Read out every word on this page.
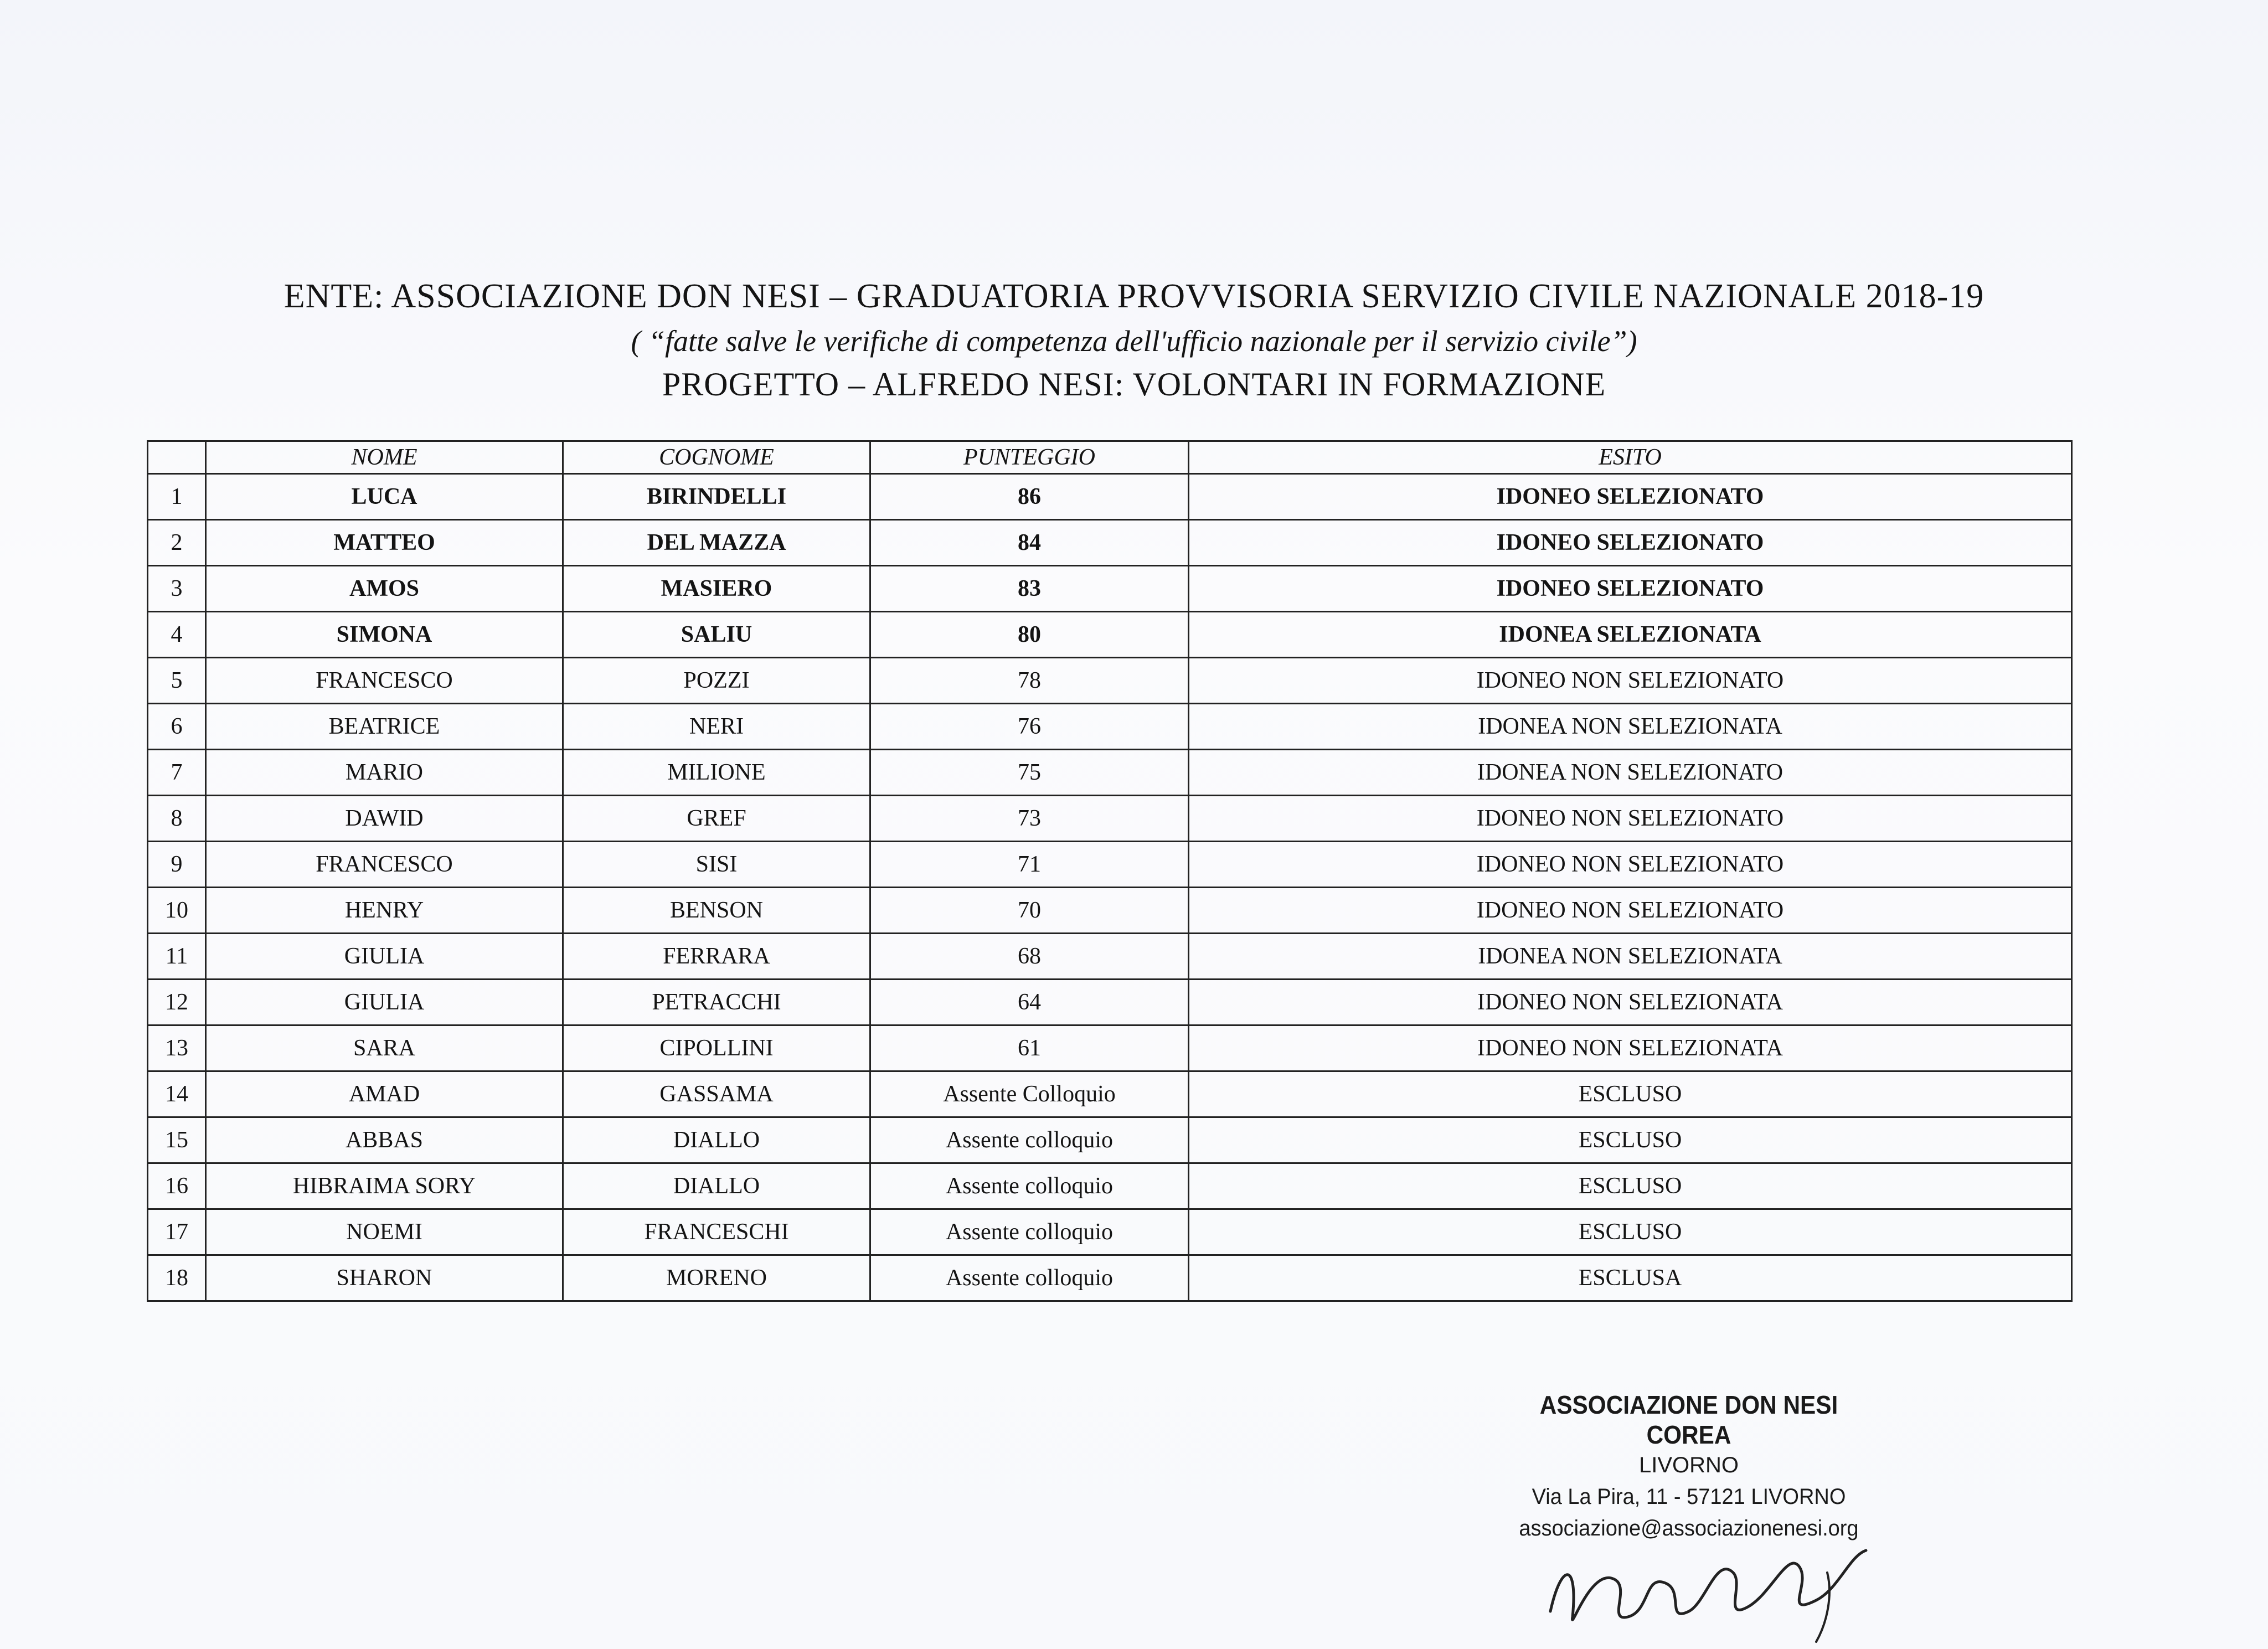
ENTE: ASSOCIAZIONE DON NESI – GRADUATORIA PROVVISORIA SERVIZIO CIVILE NAZIONALE 2018-19
( “fatte salve le verifiche di competenza dell'ufficio nazionale per il servizio civile”)
PROGETTO – ALFREDO NESI: VOLONTARI IN FORMAZIONE
	NOME	COGNOME	PUNTEGGIO	ESITO
1	LUCA	BIRINDELLI	86	IDONEO SELEZIONATO
2	MATTEO	DEL MAZZA	84	IDONEO SELEZIONATO
3	AMOS	MASIERO	83	IDONEO SELEZIONATO
4	SIMONA	SALIU	80	IDONEA SELEZIONATA
5	FRANCESCO	POZZI	78	IDONEO NON SELEZIONATO
6	BEATRICE	NERI	76	IDONEA NON SELEZIONATA
7	MARIO	MILIONE	75	IDONEA NON SELEZIONATO
8	DAWID	GREF	73	IDONEO NON SELEZIONATO
9	FRANCESCO	SISI	71	IDONEO NON SELEZIONATO
10	HENRY	BENSON	70	IDONEO NON SELEZIONATO
11	GIULIA	FERRARA	68	IDONEA NON SELEZIONATA
12	GIULIA	PETRACCHI	64	IDONEO NON SELEZIONATA
13	SARA	CIPOLLINI	61	IDONEO NON SELEZIONATA
14	AMAD	GASSAMA	Assente Colloquio	ESCLUSO
15	ABBAS	DIALLO	Assente colloquio	ESCLUSO
16	HIBRAIMA SORY	DIALLO	Assente colloquio	ESCLUSO
17	NOEMI	FRANCESCHI	Assente colloquio	ESCLUSO
18	SHARON	MORENO	Assente colloquio	ESCLUSA
ASSOCIAZIONE DON NESI COREA
LIVORNO
Via La Pira, 11 - 57121 LIVORNO
associazione@associazionenesi.org
